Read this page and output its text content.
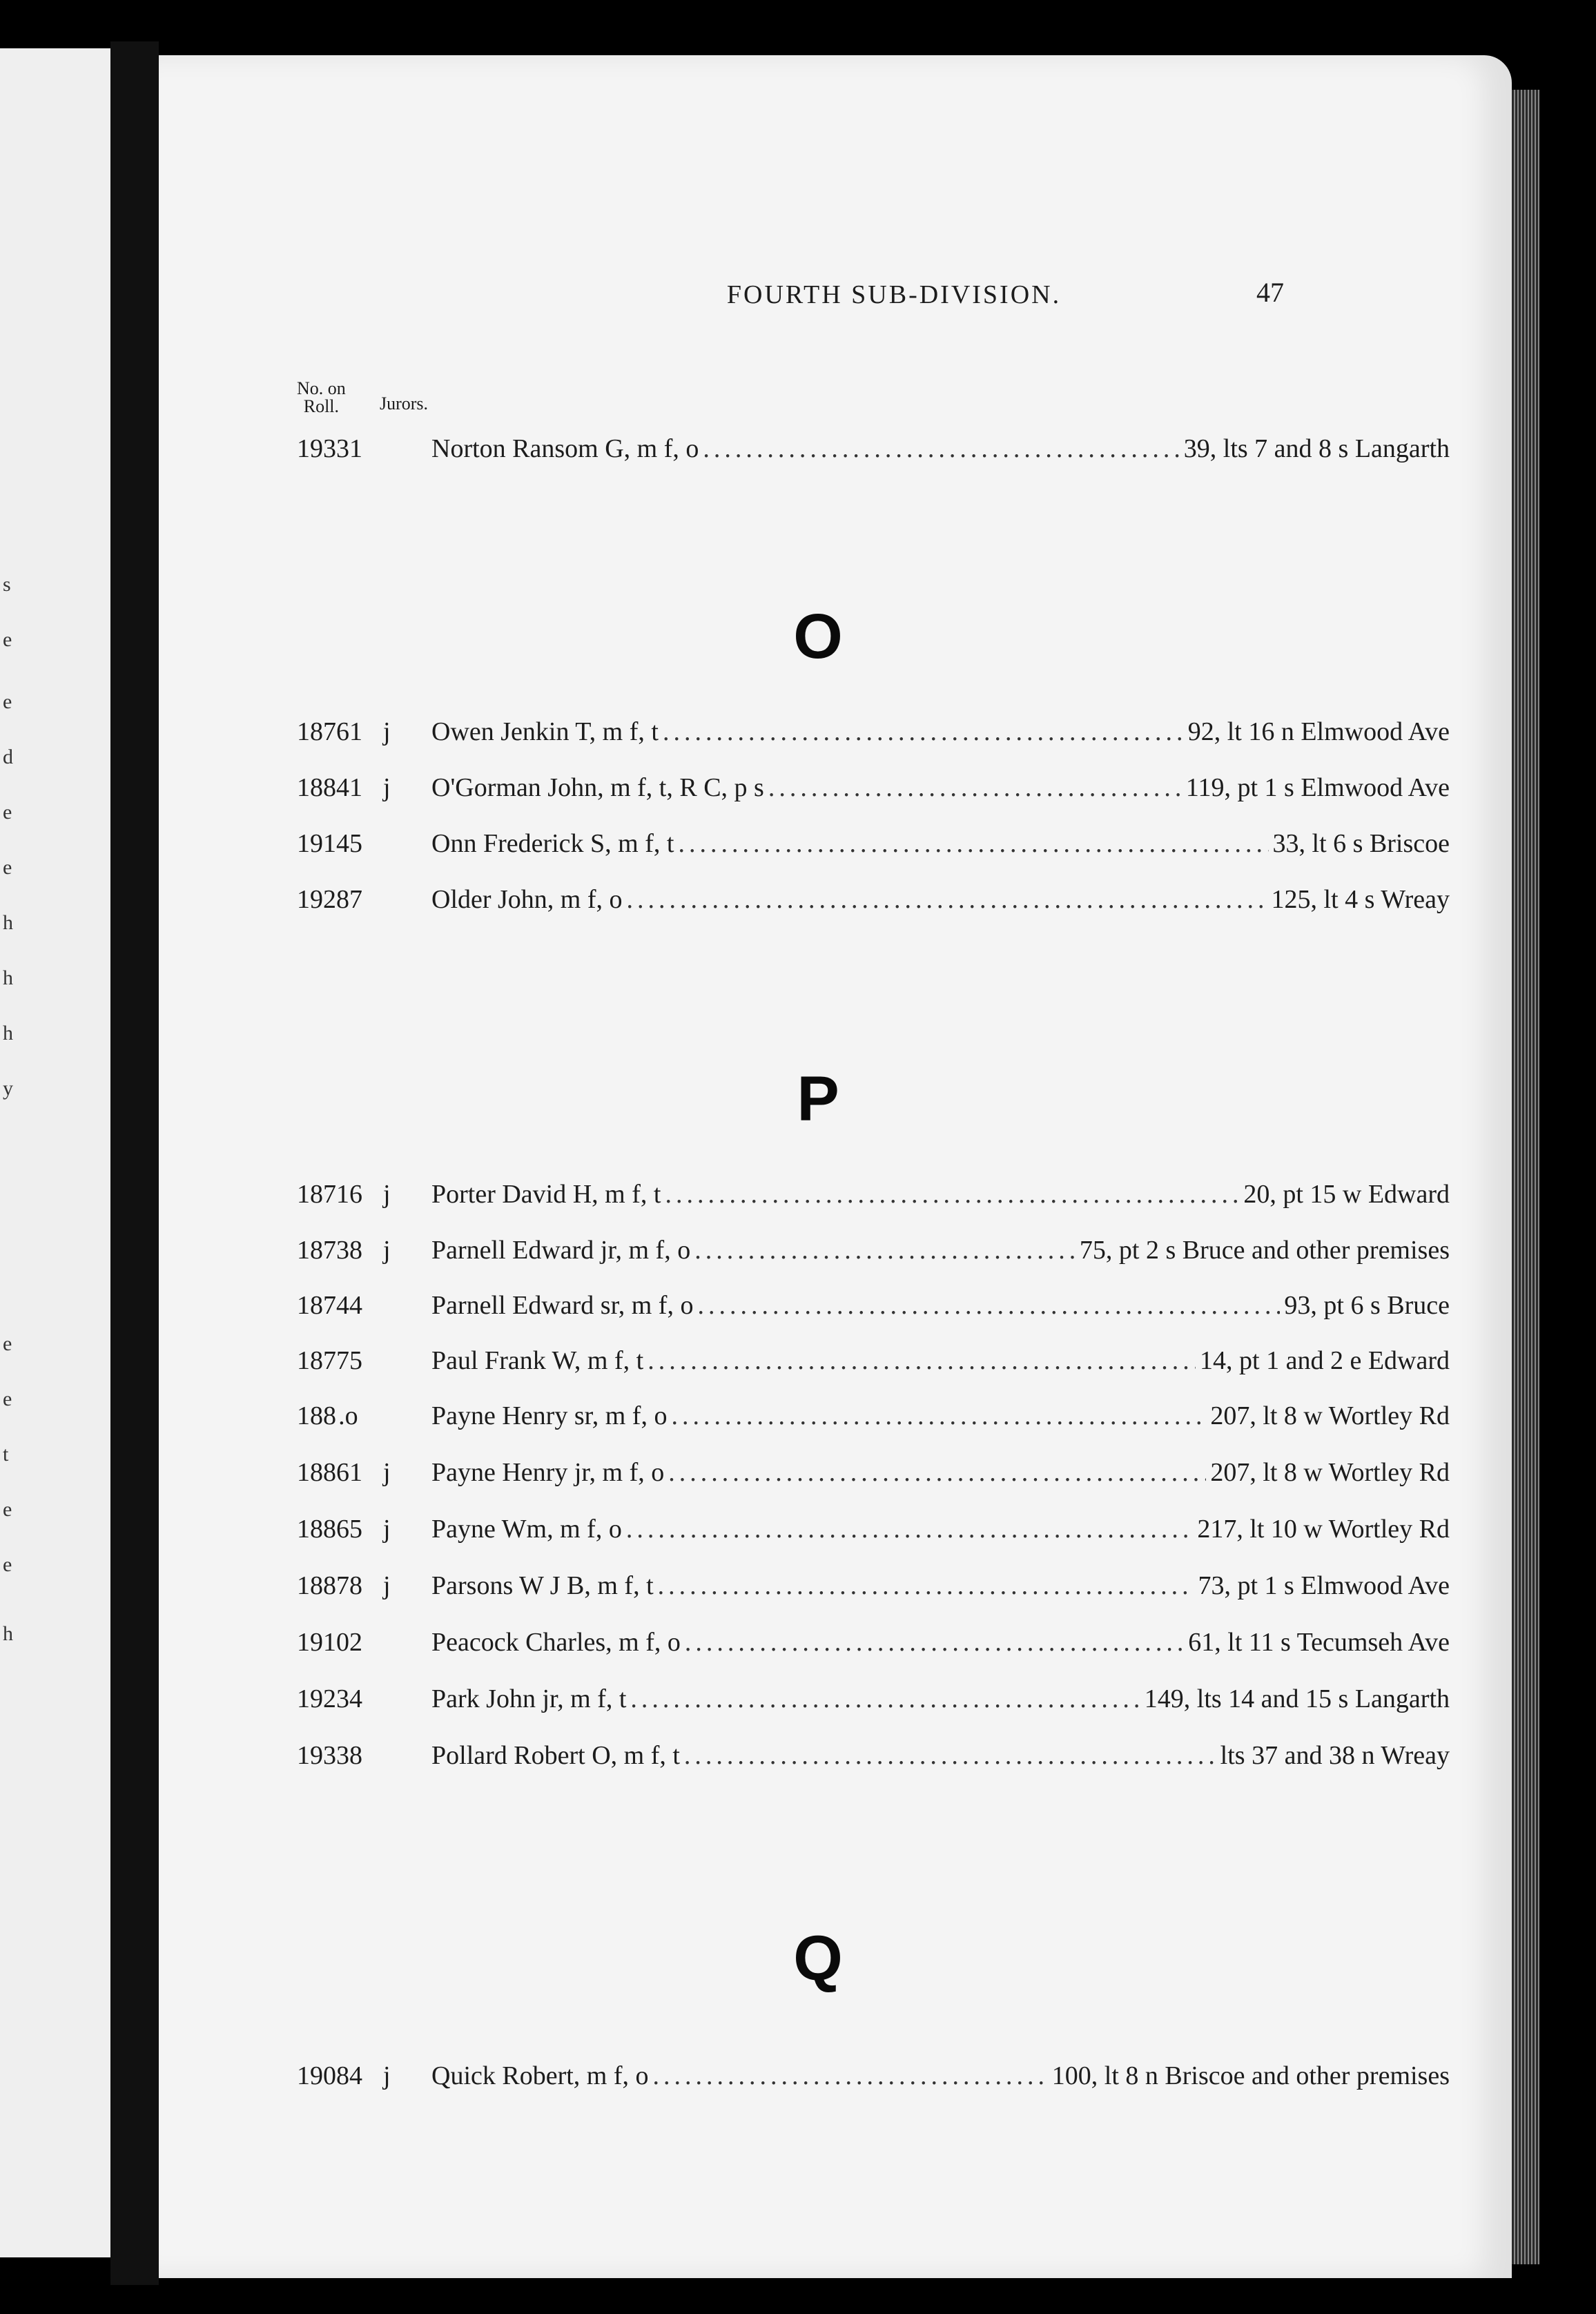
s
e
e
d
e
e
h
h
h
y
e
e
t
e
e
h
FOURTH SUB-DIVISION.	47
No. on
Roll.	Jurors.
19331	Norton Ransom G, m f, o .....	39, lts 7 and 8 s Langarth
O
18761 j	Owen Jenkin T, m f, t .....	92, lt 16 n Elmwood Ave
18841 j	O'Gorman John, m f, t, R C, p s .....	119, pt 1 s Elmwood Ave
19145	Onn Frederick S, m f, t .....	33, lt 6 s Briscoe
19287	Older John, m f, o .....	125, lt 4 s Wreay
P
18716 j	Porter David H, m f, t .....	20, pt 15 w Edward
18738 j	Parnell Edward jr, m f, o .....	75, pt 2 s Bruce and other premises
18744	Parnell Edward sr, m f, o .....	93, pt 6 s Bruce
18775	Paul Frank W, m f, t .....	14, pt 1 and 2 e Edward
188 .o	Payne Henry sr, m f, o .....	207, lt 8 w Wortley Rd
18861 j	Payne Henry jr, m f, o .....	207, lt 8 w Wortley Rd
18865 j	Payne Wm, m f, o .....	217, lt 10 w Wortley Rd
18878 j	Parsons W J B, m f, t .....	73, pt 1 s Elmwood Ave
19102	Peacock Charles, m f, o .....	61, lt 11 s Tecumseh Ave
19234	Park John jr, m f, t .....	149, lts 14 and 15 s Langarth
19338	Pollard Robert O, m f, t .....	lts 37 and 38 n Wreay
Q
19084 j	Quick Robert, m f, o .....	100, lt 8 n Briscoe and other premises
